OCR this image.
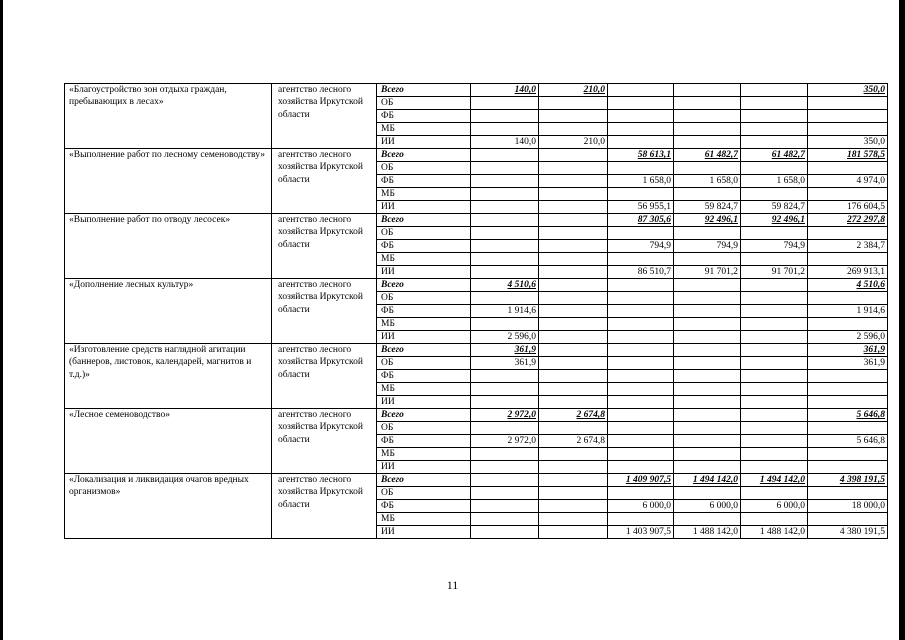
«Благоустройство зон отдыха граждан, пребывающих в лесах»	агентство лесного хозяйства Иркутской области	Всего	140,0	210,0				350,0
		ОБ						
		ФБ						
		МБ						
		ИИ	140,0	210,0				350,0
«Выполнение работ по лесному семеноводству»	агентство лесного хозяйства Иркутской области	Всего			58 613,1	61 482,7	61 482,7	181 578,5
		ОБ						
		ФБ			1 658,0	1 658,0	1 658,0	4 974,0
		МБ						
		ИИ			56 955,1	59 824,7	59 824,7	176 604,5
«Выполнение работ по отводу лесосек»	агентство лесного хозяйства Иркутской области	Всего			87 305,6	92 496,1	92 496,1	272 297,8
		ОБ						
		ФБ			794,9	794,9	794,9	2 384,7
		МБ						
		ИИ			86 510,7	91 701,2	91 701,2	269 913,1
«Дополнение лесных культур»	агентство лесного хозяйства Иркутской области	Всего	4 510,6					4 510,6
		ОБ						
		ФБ	1 914,6					1 914,6
		МБ						
		ИИ	2 596,0					2 596,0
«Изготовление средств наглядной агитации (баннеров, листовок, календарей, магнитов и т.д.)»	агентство лесного хозяйства Иркутской области	Всего	361,9					361,9
		ОБ	361,9					361,9
		ФБ						
		МБ						
		ИИ						
«Лесное семеноводство»	агентство лесного хозяйства Иркутской области	Всего	2 972,0	2 674,8				5 646,8
		ОБ						
		ФБ	2 972,0	2 674,8				5 646,8
		МБ						
		ИИ						
«Локализация и ликвидация очагов вредных организмов»	агентство лесного хозяйства Иркутской области	Всего			1 409 907,5	1 494 142,0	1 494 142,0	4 398 191,5
		ОБ						
		ФБ			6 000,0	6 000,0	6 000,0	18 000,0
		МБ						
		ИИ			1 403 907,5	1 488 142,0	1 488 142,0	4 380 191,5
11
